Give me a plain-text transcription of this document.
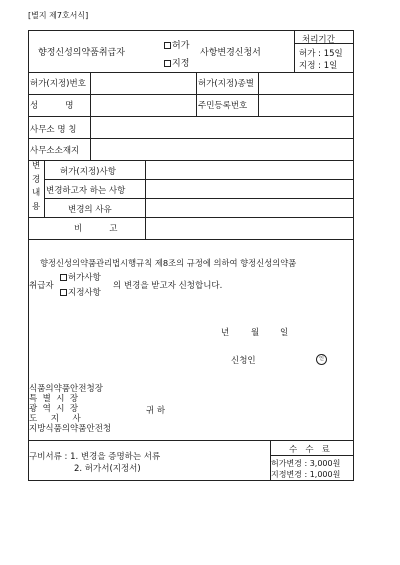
[별지 제7호서식]
향정신성의약품취급자
허가
지정
사항변경신청서
처리기간
허가 : 15일
지정 : 1일
허가(지정)번호	허가(지정)종별
성          명	주민등록번호
사무소 명 칭
사무소소재지
변
경
내
용
허가(지정)사항
변경하고자 하는 사항
변경의 사유
비          고
향정신성의약품관리법시행규칙 제8조의 규정에 의하여 향정신성의약품
취급자
허가사항
지정사항
의 변경을 받고자 신청합니다.
년	월 일
신청인	인
식품의약품안전청장
특  별  시  장
광  역  시  장
도     지     사
지방식품의약품안전청
귀 하
구비서류 : 1. 변경을 증명하는 서류
2. 허가서(지정서)
수   수   료
허가변경 : 3,000원
지정변경 : 1,000원
